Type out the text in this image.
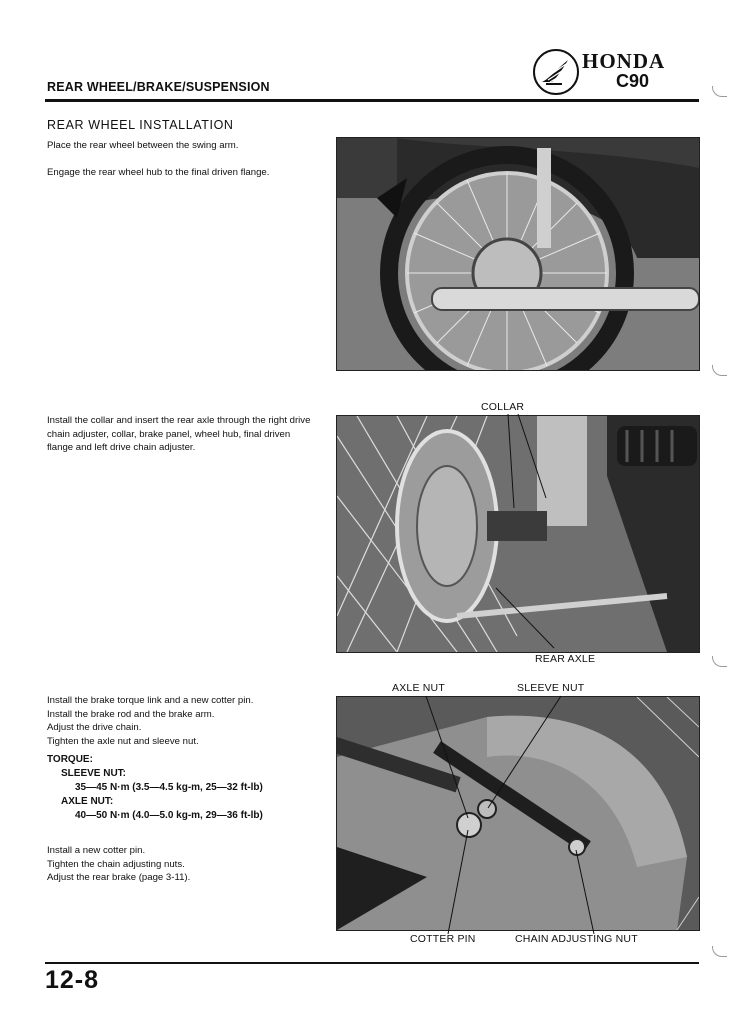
REAR WHEEL/BRAKE/SUSPENSION
HONDA
C90
REAR WHEEL INSTALLATION
Place the rear wheel between the swing arm.
Engage the rear wheel hub to the final driven flange.
Install the collar and insert the rear axle through the right drive chain adjuster, collar, brake panel, wheel hub, final driven flange and left drive chain adjuster.
Install the brake torque link and a new cotter pin.
Install the brake rod and the brake arm.
Adjust the drive chain.
Tighten the axle nut and sleeve nut.
TORQUE:
SLEEVE NUT:
35—45 N·m (3.5—4.5 kg-m, 25—32 ft-lb)
AXLE NUT:
40—50 N·m (4.0—5.0 kg-m, 29—36 ft-lb)
Install a new cotter pin.
Tighten the chain adjusting nuts.
Adjust the rear brake (page 3-11).
COLLAR
REAR AXLE
AXLE NUT	SLEEVE NUT
COTTER PIN	CHAIN ADJUSTING NUT
12-8
